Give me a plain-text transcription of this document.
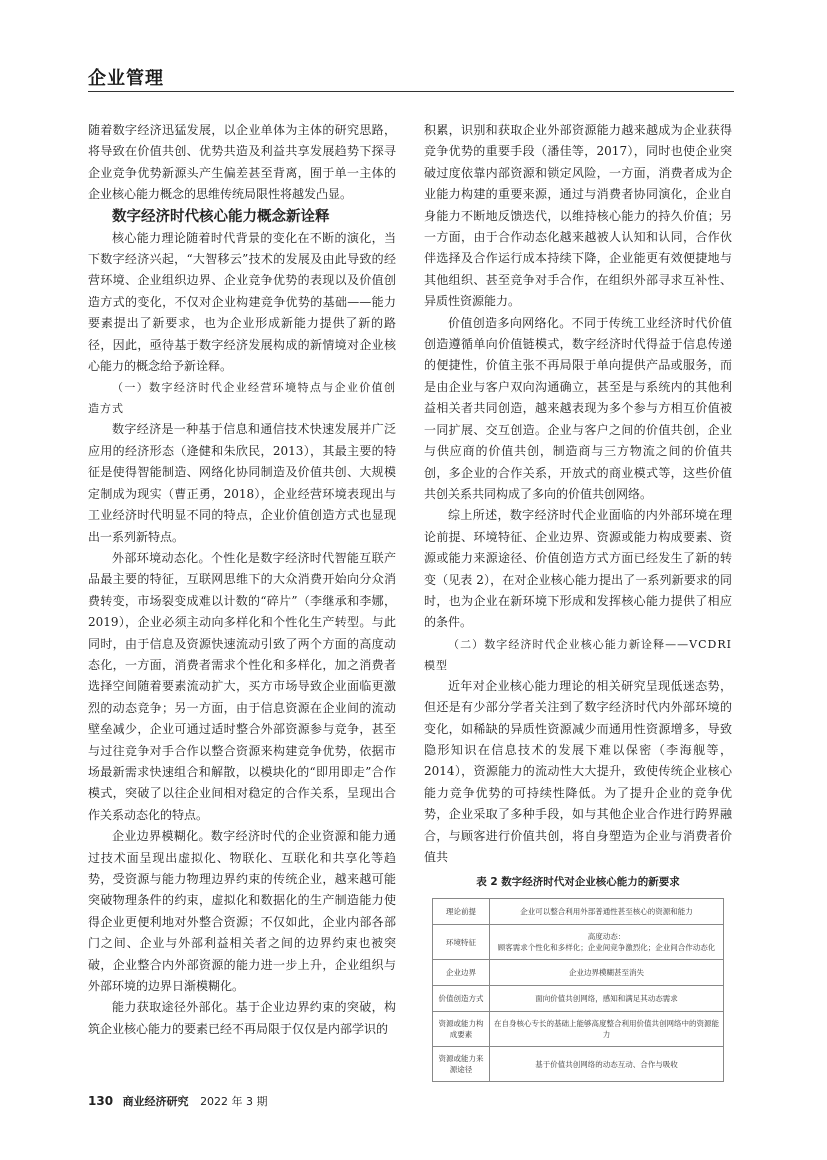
企业管理

随着数字经济迅猛发展，以企业单体为主体的研究思路，将导致在价值共创、优势共造及利益共享发展趋势下探寻企业竞争优势新源头产生偏差甚至背离，囿于单一主体的企业核心能力概念的思维传统局限性将越发凸显。

数字经济时代核心能力概念新诠释

核心能力理论随着时代背景的变化在不断的演化，当下数字经济兴起，“大智移云”技术的发展及由此导致的经营环境、企业组织边界、企业竞争优势的表现以及价值创造方式的变化，不仅对企业构建竞争优势的基础——能力要素提出了新要求，也为企业形成新能力提供了新的路径，因此，亟待基于数字经济发展构成的新情境对企业核心能力的概念给予新诠释。

（一）数字经济时代企业经营环境特点与企业价值创造方式

数字经济是一种基于信息和通信技术快速发展并广泛应用的经济形态（逄健和朱欣民，2013），其最主要的特征是使得智能制造、网络化协同制造及价值共创、大规模定制成为现实（曹正勇，2018），企业经营环境表现出与工业经济时代明显不同的特点，企业价值创造方式也显现出一系列新特点。

外部环境动态化。个性化是数字经济时代智能互联产品最主要的特征，互联网思维下的大众消费开始向分众消费转变，市场裂变成难以计数的“碎片”（李继承和李娜，2019），企业必须主动向多样化和个性化生产转型。与此同时，由于信息及资源快速流动引致了两个方面的高度动态化，一方面，消费者需求个性化和多样化，加之消费者选择空间随着要素流动扩大，买方市场导致企业面临更激烈的动态竞争；另一方面，由于信息资源在企业间的流动壁垒减少，企业可通过适时整合外部资源参与竞争，甚至与过往竞争对手合作以整合资源来构建竞争优势，依据市场最新需求快速组合和解散，以模块化的“即用即走”合作模式，突破了以往企业间相对稳定的合作关系，呈现出合作关系动态化的特点。

企业边界模糊化。数字经济时代的企业资源和能力通过技术面呈现出虚拟化、物联化、互联化和共享化等趋势，受资源与能力物理边界约束的传统企业，越来越可能突破物理条件的约束，虚拟化和数据化的生产制造能力使得企业更便利地对外整合资源；不仅如此，企业内部各部门之间、企业与外部利益相关者之间的边界约束也被突破，企业整合内外部资源的能力进一步上升，企业组织与外部环境的边界日渐模糊化。

能力获取途径外部化。基于企业边界约束的突破，构筑企业核心能力的要素已经不再局限于仅仅是内部学识的

积累，识别和获取企业外部资源能力越来越成为企业获得竞争优势的重要手段（潘佳等，2017），同时也使企业突破过度依靠内部资源和锁定风险，一方面，消费者成为企业能力构建的重要来源，通过与消费者协同演化，企业自身能力不断地反馈迭代，以维持核心能力的持久价值；另一方面，由于合作动态化越来越被人认知和认同，合作伙伴选择及合作运行成本持续下降，企业能更有效便捷地与其他组织、甚至竞争对手合作，在组织外部寻求互补性、异质性资源能力。

价值创造多向网络化。不同于传统工业经济时代价值创造遵循单向价值链模式，数字经济时代得益于信息传递的便捷性，价值主张不再局限于单向提供产品或服务，而是由企业与客户双向沟通确立，甚至是与系统内的其他利益相关者共同创造，越来越表现为多个参与方相互价值被一同扩展、交互创造。企业与客户之间的价值共创，企业与供应商的价值共创，制造商与三方物流之间的价值共创，多企业的合作关系，开放式的商业模式等，这些价值共创关系共同构成了多向的价值共创网络。

综上所述，数字经济时代企业面临的内外部环境在理论前提、环境特征、企业边界、资源或能力构成要素、资源或能力来源途径、价值创造方式方面已经发生了新的转变（见表 2），在对企业核心能力提出了一系列新要求的同时，也为企业在新环境下形成和发挥核心能力提供了相应的条件。

（二）数字经济时代企业核心能力新诠释——VCDRI模型

近年对企业核心能力理论的相关研究呈现低迷态势，但还是有少部分学者关注到了数字经济时代内外部环境的变化，如稀缺的异质性资源减少而通用性资源增多，导致隐形知识在信息技术的发展下难以保密（李海舰等，2014），资源能力的流动性大大提升，致使传统企业核心能力竞争优势的可持续性降低。为了提升企业的竞争优势，企业采取了多种手段，如与其他企业合作进行跨界融合，与顾客进行价值共创，将自身塑造为企业与消费者价值共

表 2 数字经济时代对企业核心能力的新要求
理论前提	企业可以整合利用外部普通性甚至核心的资源和能力
环境特征	高度动态：
顾客需求个性化和多样化；企业间竞争激烈化；企业间合作动态化
企业边界	企业边界模糊甚至消失
价值创造方式	面向价值共创网络，感知和满足其动态需求
资源或能力构成要素	在自身核心专长的基础上能够高度整合利用价值共创网络中的资源能力
资源或能力来源途径	基于价值共创网络的动态互动、合作与吸收
130 商业经济研究 2022 年 3 期
